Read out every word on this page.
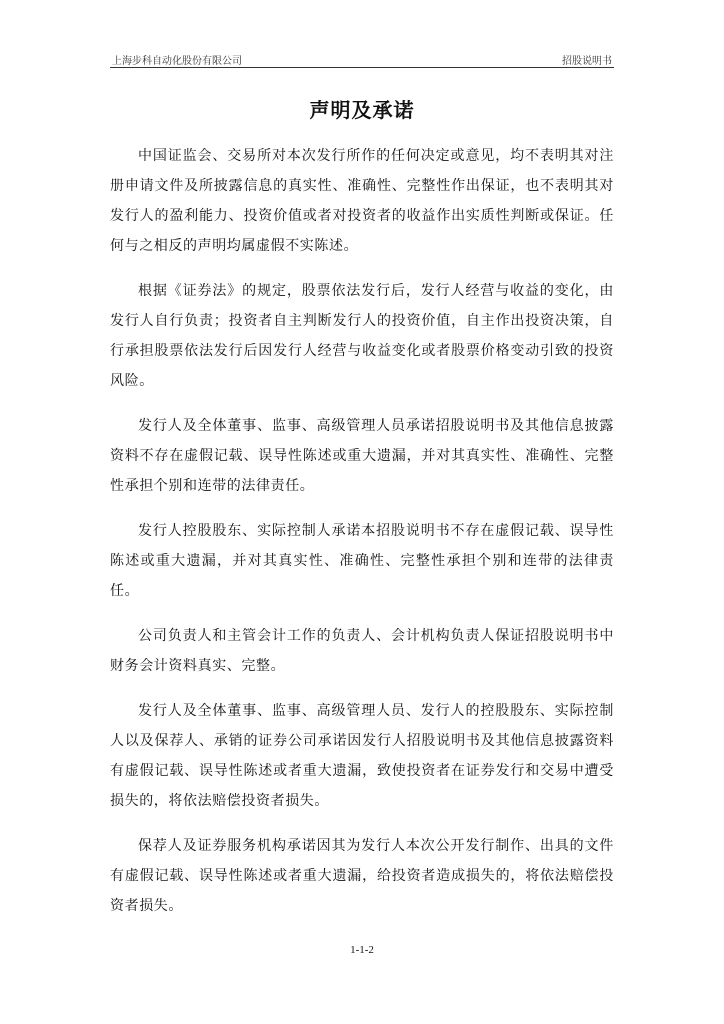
上海步科自动化股份有限公司	招股说明书
声明及承诺

中国证监会、交易所对本次发行所作的任何决定或意见，均不表明其对注册申请文件及所披露信息的真实性、准确性、完整性作出保证，也不表明其对发行人的盈利能力、投资价值或者对投资者的收益作出实质性判断或保证。任何与之相反的声明均属虚假不实陈述。

根据《证券法》的规定，股票依法发行后，发行人经营与收益的变化，由发行人自行负责；投资者自主判断发行人的投资价值，自主作出投资决策，自行承担股票依法发行后因发行人经营与收益变化或者股票价格变动引致的投资风险。

发行人及全体董事、监事、高级管理人员承诺招股说明书及其他信息披露资料不存在虚假记载、误导性陈述或重大遗漏，并对其真实性、准确性、完整性承担个别和连带的法律责任。

发行人控股股东、实际控制人承诺本招股说明书不存在虚假记载、误导性陈述或重大遗漏，并对其真实性、准确性、完整性承担个别和连带的法律责任。

公司负责人和主管会计工作的负责人、会计机构负责人保证招股说明书中财务会计资料真实、完整。

发行人及全体董事、监事、高级管理人员、发行人的控股股东、实际控制人以及保荐人、承销的证券公司承诺因发行人招股说明书及其他信息披露资料有虚假记载、误导性陈述或者重大遗漏，致使投资者在证券发行和交易中遭受损失的，将依法赔偿投资者损失。

保荐人及证券服务机构承诺因其为发行人本次公开发行制作、出具的文件有虚假记载、误导性陈述或者重大遗漏，给投资者造成损失的，将依法赔偿投资者损失。

1-1-2
